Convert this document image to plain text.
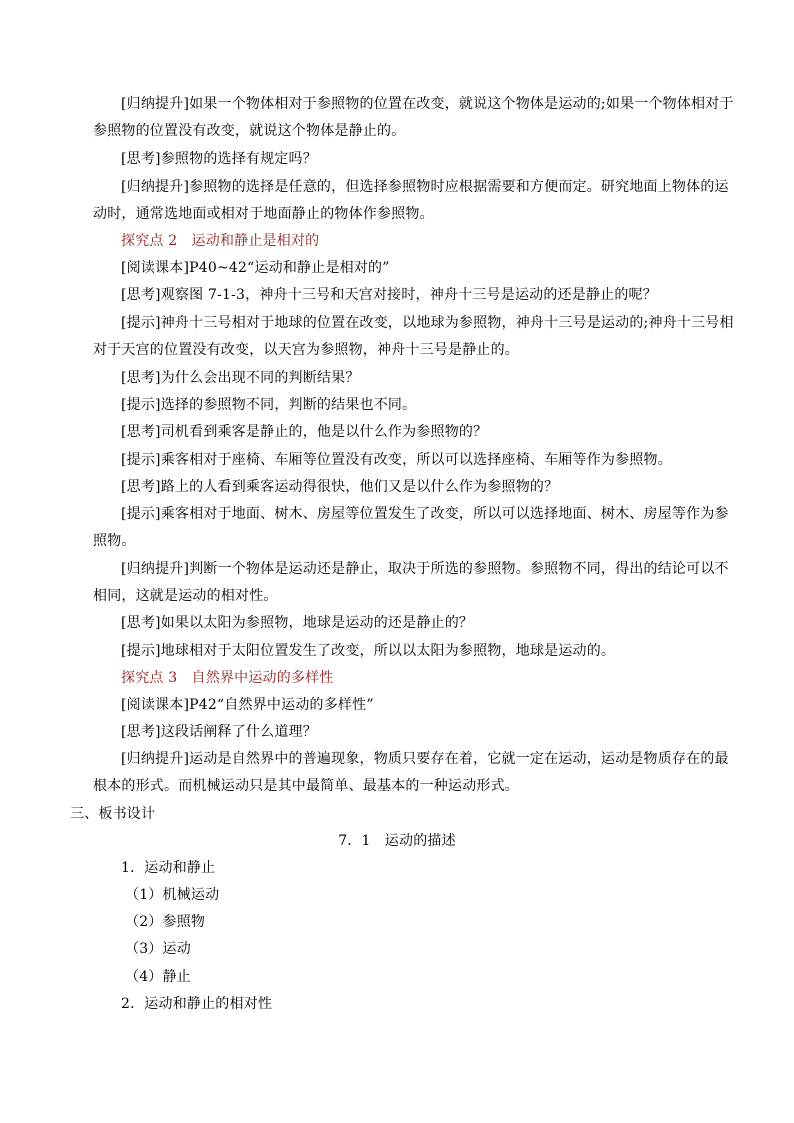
[归纳提升]如果一个物体相对于参照物的位置在改变，就说这个物体是运动的;如果一个物体相对于
参照物的位置没有改变，就说这个物体是静止的。
[思考]参照物的选择有规定吗？
[归纳提升]参照物的选择是任意的，但选择参照物时应根据需要和方便而定。研究地面上物体的运
动时，通常选地面或相对于地面静止的物体作参照物。
探究点 2　运动和静止是相对的
[阅读课本]P40~42“运动和静止是相对的”
[思考]观察图 7-1-3，神舟十三号和天宫对接时，神舟十三号是运动的还是静止的呢？
[提示]神舟十三号相对于地球的位置在改变，以地球为参照物，神舟十三号是运动的;神舟十三号相
对于天宫的位置没有改变，以天宫为参照物，神舟十三号是静止的。
[思考]为什么会出现不同的判断结果？
[提示]选择的参照物不同，判断的结果也不同。
[思考]司机看到乘客是静止的，他是以什么作为参照物的？
[提示]乘客相对于座椅、车厢等位置没有改变，所以可以选择座椅、车厢等作为参照物。
[思考]路上的人看到乘客运动得很快，他们又是以什么作为参照物的？
[提示]乘客相对于地面、树木、房屋等位置发生了改变，所以可以选择地面、树木、房屋等作为参
照物。
[归纳提升]判断一个物体是运动还是静止，取决于所选的参照物。参照物不同，得出的结论可以不
相同，这就是运动的相对性。
[思考]如果以太阳为参照物，地球是运动的还是静止的？
[提示]地球相对于太阳位置发生了改变，所以以太阳为参照物，地球是运动的。
探究点 3　自然界中运动的多样性
[阅读课本]P42“自然界中运动的多样性”
[思考]这段话阐释了什么道理？
[归纳提升]运动是自然界中的普遍现象，物质只要存在着，它就一定在运动，运动是物质存在的最
根本的形式。而机械运动只是其中最简单、最基本的一种运动形式。
三、板书设计
7．1　运动的描述
1．运动和静止
（1）机械运动
（2）参照物
（3）运动
（4）静止
2．运动和静止的相对性
